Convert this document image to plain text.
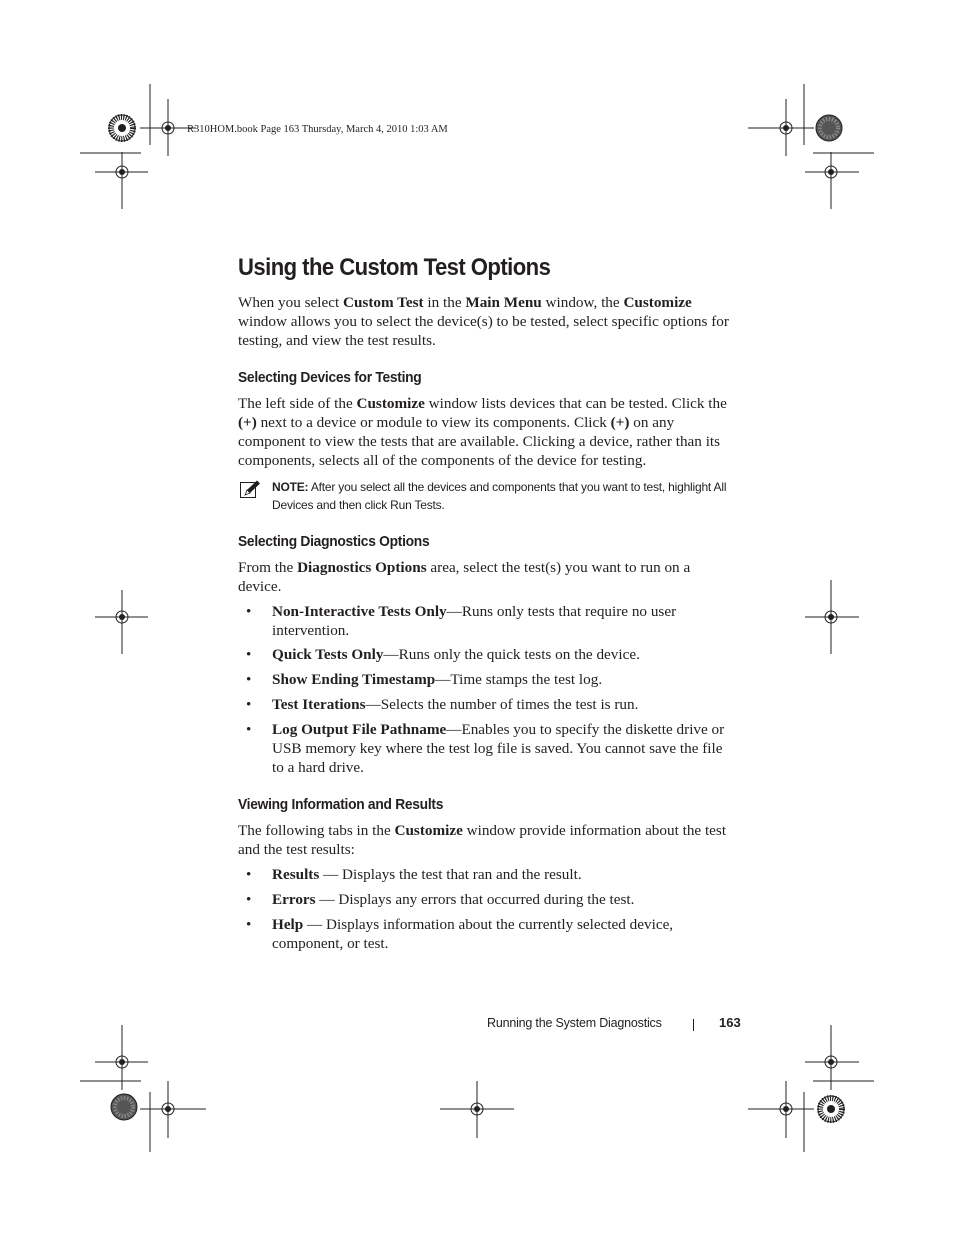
R310HOM.book Page 163 Thursday, March 4, 2010 1:03 AM
Using the Custom Test Options

When you select Custom Test in the Main Menu window, the Customize window allows you to select the device(s) to be tested, select specific options for testing, and view the test results.

Selecting Devices for Testing

The left side of the Customize window lists devices that can be tested. Click the (+) next to a device or module to view its components. Click (+) on any component to view the tests that are available. Clicking a device, rather than its components, selects all of the components of the device for testing.

NOTE: After you select all the devices and components that you want to test, highlight All Devices and then click Run Tests.
Selecting Diagnostics Options

From the Diagnostics Options area, select the test(s) you want to run on a device.

• Non-Interactive Tests Only—Runs only tests that require no user intervention.
• Quick Tests Only—Runs only the quick tests on the device.
• Show Ending Timestamp—Time stamps the test log.
• Test Iterations—Selects the number of times the test is run.
• Log Output File Pathname—Enables you to specify the diskette drive or USB memory key where the test log file is saved. You cannot save the file to a hard drive.
Viewing Information and Results

The following tabs in the Customize window provide information about the test and the test results:

• Results — Displays the test that ran and the result.
• Errors — Displays any errors that occurred during the test.
• Help — Displays information about the currently selected device, component, or test.
Running the System Diagnostics	163
